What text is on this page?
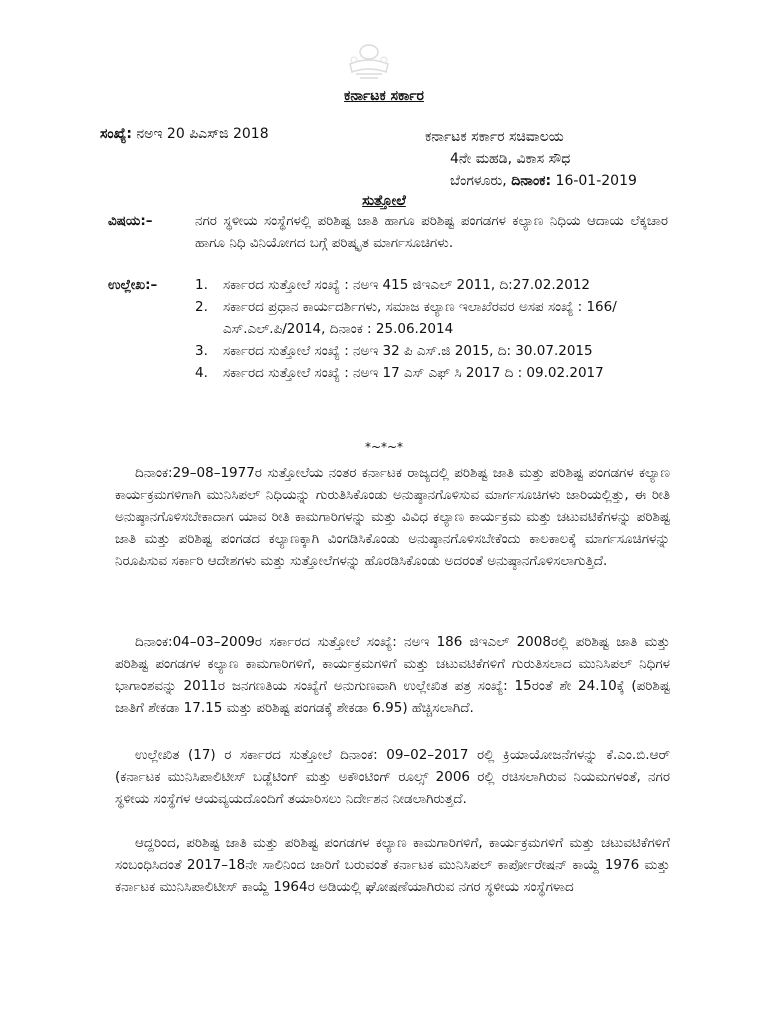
ಕರ್ನಾಟಕ ಸರ್ಕಾರ
ಸಂಖ್ಯೆ: ನಅಇ 20 ಪಿಎಸ್‌ಜಿ 2018	ಕರ್ನಾಟಕ ಸರ್ಕಾರ ಸಚಿವಾಲಯ
4ನೇ ಮಹಡಿ, ವಿಕಾಸ ಸೌಧ
ಬೆಂಗಳೂರು, ದಿನಾಂಕ: 16-01-2019
ಸುತ್ತೋಲೆ
ವಿಷಯ:–	ನಗರ ಸ್ಥಳೀಯ ಸಂಸ್ಥೆಗಳಲ್ಲಿ ಪರಿಶಿಷ್ಟ ಜಾತಿ ಹಾಗೂ ಪರಿಶಿಷ್ಟ ಪಂಗಡಗಳ ಕಲ್ಯಾಣ ನಿಧಿಯ ಆದಾಯ ಲೆಕ್ಕಚಾರ ಹಾಗೂ ನಿಧಿ ವಿನಿಯೋಗದ ಬಗ್ಗೆ ಪರಿಷ್ಕೃತ ಮಾರ್ಗಸೂಚಿಗಳು.
ಉಲ್ಲೇಖ:–	1. ಸರ್ಕಾರದ ಸುತ್ತೋಲೆ ಸಂಖ್ಯೆ : ನಅಇ 415 ಜಿಇಎಲ್ 2011, ದಿ:27.02.2012
2. ಸರ್ಕಾರದ ಪ್ರಧಾನ ಕಾರ್ಯದರ್ಶಿಗಳು, ಸಮಾಜ ಕಲ್ಯಾಣ ಇಲಾಖೆರವರ ಅಸಪ ಸಂಖ್ಯೆ : 166/ ಎಸ್.ಎಲ್.ಪಿ/2014, ದಿನಾಂಕ : 25.06.2014
3. ಸರ್ಕಾರದ ಸುತ್ತೋಲೆ ಸಂಖ್ಯೆ : ನಅಇ 32 ಪಿ ಎಸ್.ಜಿ 2015, ದಿ: 30.07.2015
4. ಸರ್ಕಾರದ ಸುತ್ತೋಲೆ ಸಂಖ್ಯೆ : ನಅಇ 17 ಎಸ್ ಎಫ್ ಸಿ 2017 ದಿ : 09.02.2017
*~*~*

ದಿನಾಂಕ:29–08–1977ರ ಸುತ್ತೋಲೆಯ ನಂತರ ಕರ್ನಾಟಕ ರಾಜ್ಯದಲ್ಲಿ ಪರಿಶಿಷ್ಟ ಜಾತಿ ಮತ್ತು ಪರಿಶಿಷ್ಟ ಪಂಗಡಗಳ ಕಲ್ಯಾಣ ಕಾರ್ಯಕ್ರಮಗಳಿಗಾಗಿ ಮುನಿಸಿಪಲ್ ನಿಧಿಯನ್ನು ಗುರುತಿಸಿಕೊಂಡು ಅನುಷ್ಠಾನಗೊಳಿಸುವ ಮಾರ್ಗಸೂಚಿಗಳು ಜಾರಿಯಲ್ಲಿತ್ತು, ಈ ರೀತಿ ಅನುಷ್ಠಾನಗೊಳಿಸಬೇಕಾದಾಗ ಯಾವ ರೀತಿ ಕಾಮಗಾರಿಗಳನ್ನು ಮತ್ತು ವಿವಿಧ ಕಲ್ಯಾಣ ಕಾರ್ಯಕ್ರಮ ಮತ್ತು ಚಟುವಟಿಕೆಗಳನ್ನು ಪರಿಶಿಷ್ಟ ಜಾತಿ ಮತ್ತು ಪರಿಶಿಷ್ಟ ಪಂಗಡದ ಕಲ್ಯಾಣಕ್ಕಾಗಿ ವಿಂಗಡಿಸಿಕೊಂಡು ಅನುಷ್ಠಾನಗೊಳಿಸಬೇಕೆಂದು ಕಾಲಕಾಲಕ್ಕೆ ಮಾರ್ಗಸೂಚಿಗಳನ್ನು ನಿರೂಪಿಸುವ ಸರ್ಕಾರಿ ಆದೇಶಗಳು ಮತ್ತು ಸುತ್ತೋಲೆಗಳನ್ನು ಹೊರಡಿಸಿಕೊಂಡು ಅದರಂತೆ ಅನುಷ್ಠಾನಗೊಳಿಸಲಾಗುತ್ತಿದೆ.

ದಿನಾಂಕ:04–03–2009ರ ಸರ್ಕಾರದ ಸುತ್ತೋಲೆ ಸಂಖ್ಯೆ: ನಅಇ 186 ಜಿಇಎಲ್ 2008ರಲ್ಲಿ ಪರಿಶಿಷ್ಟ ಜಾತಿ ಮತ್ತು ಪರಿಶಿಷ್ಟ ಪಂಗಡಗಳ ಕಲ್ಯಾಣ ಕಾಮಗಾರಿಗಳಿಗೆ, ಕಾರ್ಯಕ್ರಮಗಳಿಗೆ ಮತ್ತು ಚಟುವಟಿಕೆಗಳಿಗೆ ಗುರುತಿಸಲಾದ ಮುನಿಸಿಪಲ್ ನಿಧಿಗಳ ಭಾಗಾಂಶವನ್ನು 2011ರ ಜನಗಣತಿಯ ಸಂಖ್ಯೆಗೆ ಅನುಗುಣವಾಗಿ ಉಲ್ಲೇಖಿತ ಪತ್ರ ಸಂಖ್ಯೆ: 15ರಂತೆ ಶೇ 24.10ಕ್ಕೆ (ಪರಿಶಿಷ್ಟ ಜಾತಿಗೆ ಶೇಕಡಾ 17.15 ಮತ್ತು ಪರಿಶಿಷ್ಟ ಪಂಗಡಕ್ಕೆ ಶೇಕಡಾ 6.95) ಹೆಚ್ಚಿಸಲಾಗಿದೆ.

ಉಲ್ಲೇಖಿತ (17) ರ ಸರ್ಕಾರದ ಸುತ್ತೋಲೆ ದಿನಾಂಕ: 09–02–2017 ರಲ್ಲಿ ಕ್ರಿಯಾಯೋಜನೆಗಳನ್ನು ಕೆ.ಎಂ.ಬಿ.ಆರ್ (ಕರ್ನಾಟಕ ಮುನಿಸಿಪಾಲಿಟೀಸ್ ಬಡ್ಜೆಟಿಂಗ್ ಮತ್ತು ಅಕೌಂಟಿಂಗ್ ರೂಲ್ಸ್ 2006 ರಲ್ಲಿ ರಚಿಸಲಾಗಿರುವ ನಿಯಮಗಳಂತೆ, ನಗರ ಸ್ಥಳೀಯ ಸಂಸ್ಥೆಗಳ ಆಯವ್ಯಯದೊಂದಿಗೆ ತಯಾರಿಸಲು ನಿರ್ದೇಶನ ನೀಡಲಾಗಿರುತ್ತದೆ.

ಆದ್ದರಿಂದ, ಪರಿಶಿಷ್ಟ ಜಾತಿ ಮತ್ತು ಪರಿಶಿಷ್ಟ ಪಂಗಡಗಳ ಕಲ್ಯಾಣ ಕಾಮಗಾರಿಗಳಿಗೆ, ಕಾರ್ಯಕ್ರಮಗಳಿಗೆ ಮತ್ತು ಚಟುವಟಿಕೆಗಳಿಗೆ ಸಂಬಂಧಿಸಿದಂತೆ 2017–18ನೇ ಸಾಲಿನಿಂದ ಜಾರಿಗೆ ಬರುವಂತೆ ಕರ್ನಾಟಕ ಮುನಿಸಿಪಲ್ ಕಾರ್ಪೋರೇಷನ್ ಕಾಯ್ದೆ 1976 ಮತ್ತು ಕರ್ನಾಟಕ ಮುನಿಸಿಪಾಲಿಟೀಸ್ ಕಾಯ್ದೆ 1964ರ ಅಡಿಯಲ್ಲಿ ಘೋಷಣೆಯಾಗಿರುವ ನಗರ ಸ್ಥಳೀಯ ಸಂಸ್ಥೆಗಳಾದ
